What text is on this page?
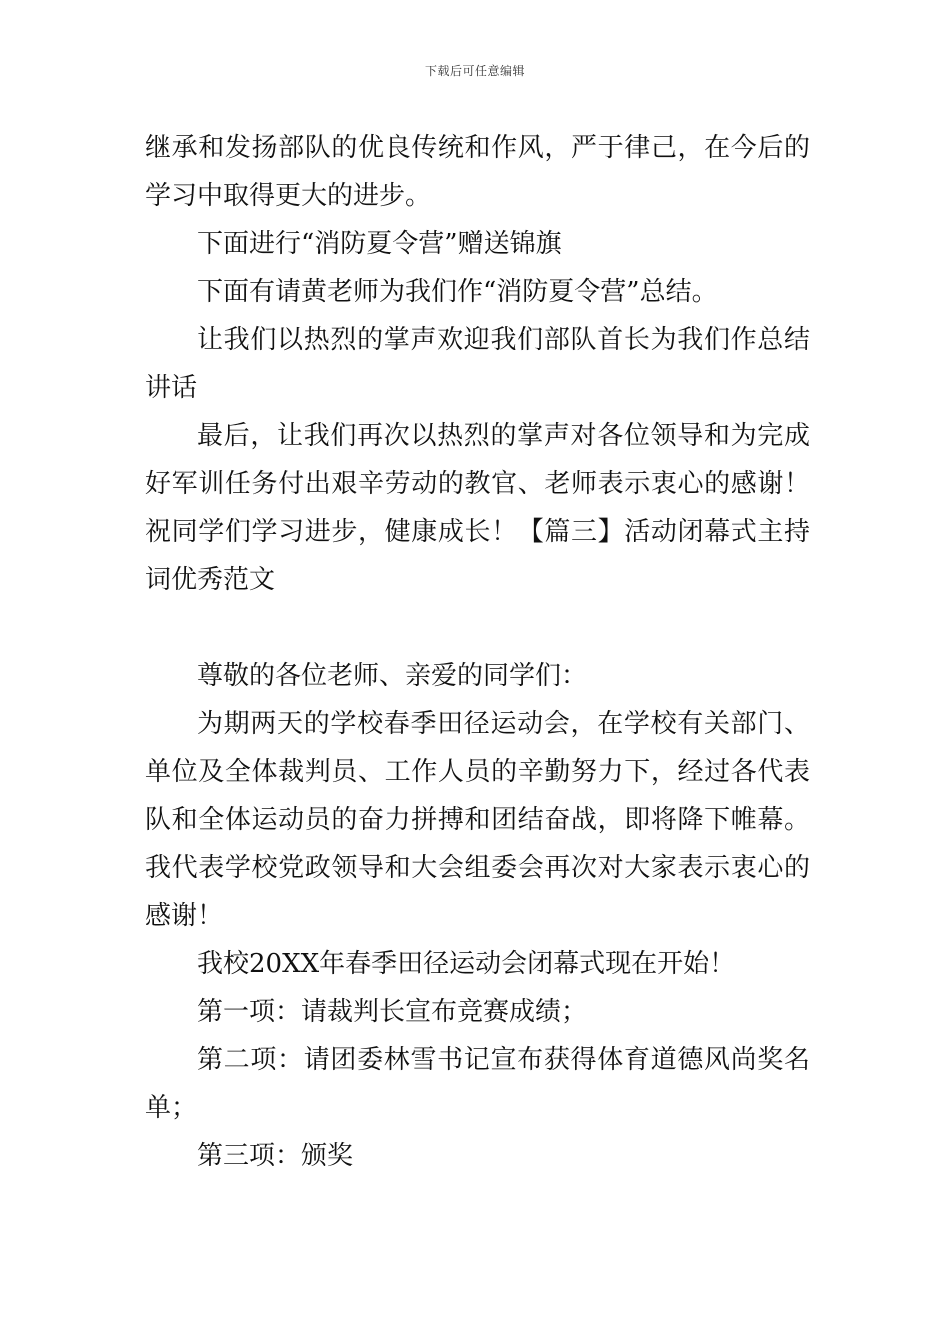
下载后可任意编辑

继承和发扬部队的优良传统和作风，严于律己，在今后的学习中取得更大的进步。

下面进行“消防夏令营”赠送锦旗

下面有请黄老师为我们作“消防夏令营”总结。

让我们以热烈的掌声欢迎我们部队首长为我们作总结讲话

最后，让我们再次以热烈的掌声对各位领导和为完成好军训任务付出艰辛劳动的教官、老师表示衷心的感谢！祝同学们学习进步，健康成长！【篇三】活动闭幕式主持词优秀范文

尊敬的各位老师、亲爱的同学们：

为期两天的学校春季田径运动会，在学校有关部门、单位及全体裁判员、工作人员的辛勤努力下，经过各代表队和全体运动员的奋力拼搏和团结奋战，即将降下帷幕。我代表学校党政领导和大会组委会再次对大家表示衷心的感谢！

我校20XX年春季田径运动会闭幕式现在开始！

第一项：请裁判长宣布竞赛成绩；

第二项：请团委林雪书记宣布获得体育道德风尚奖名单；

第三项：颁奖
